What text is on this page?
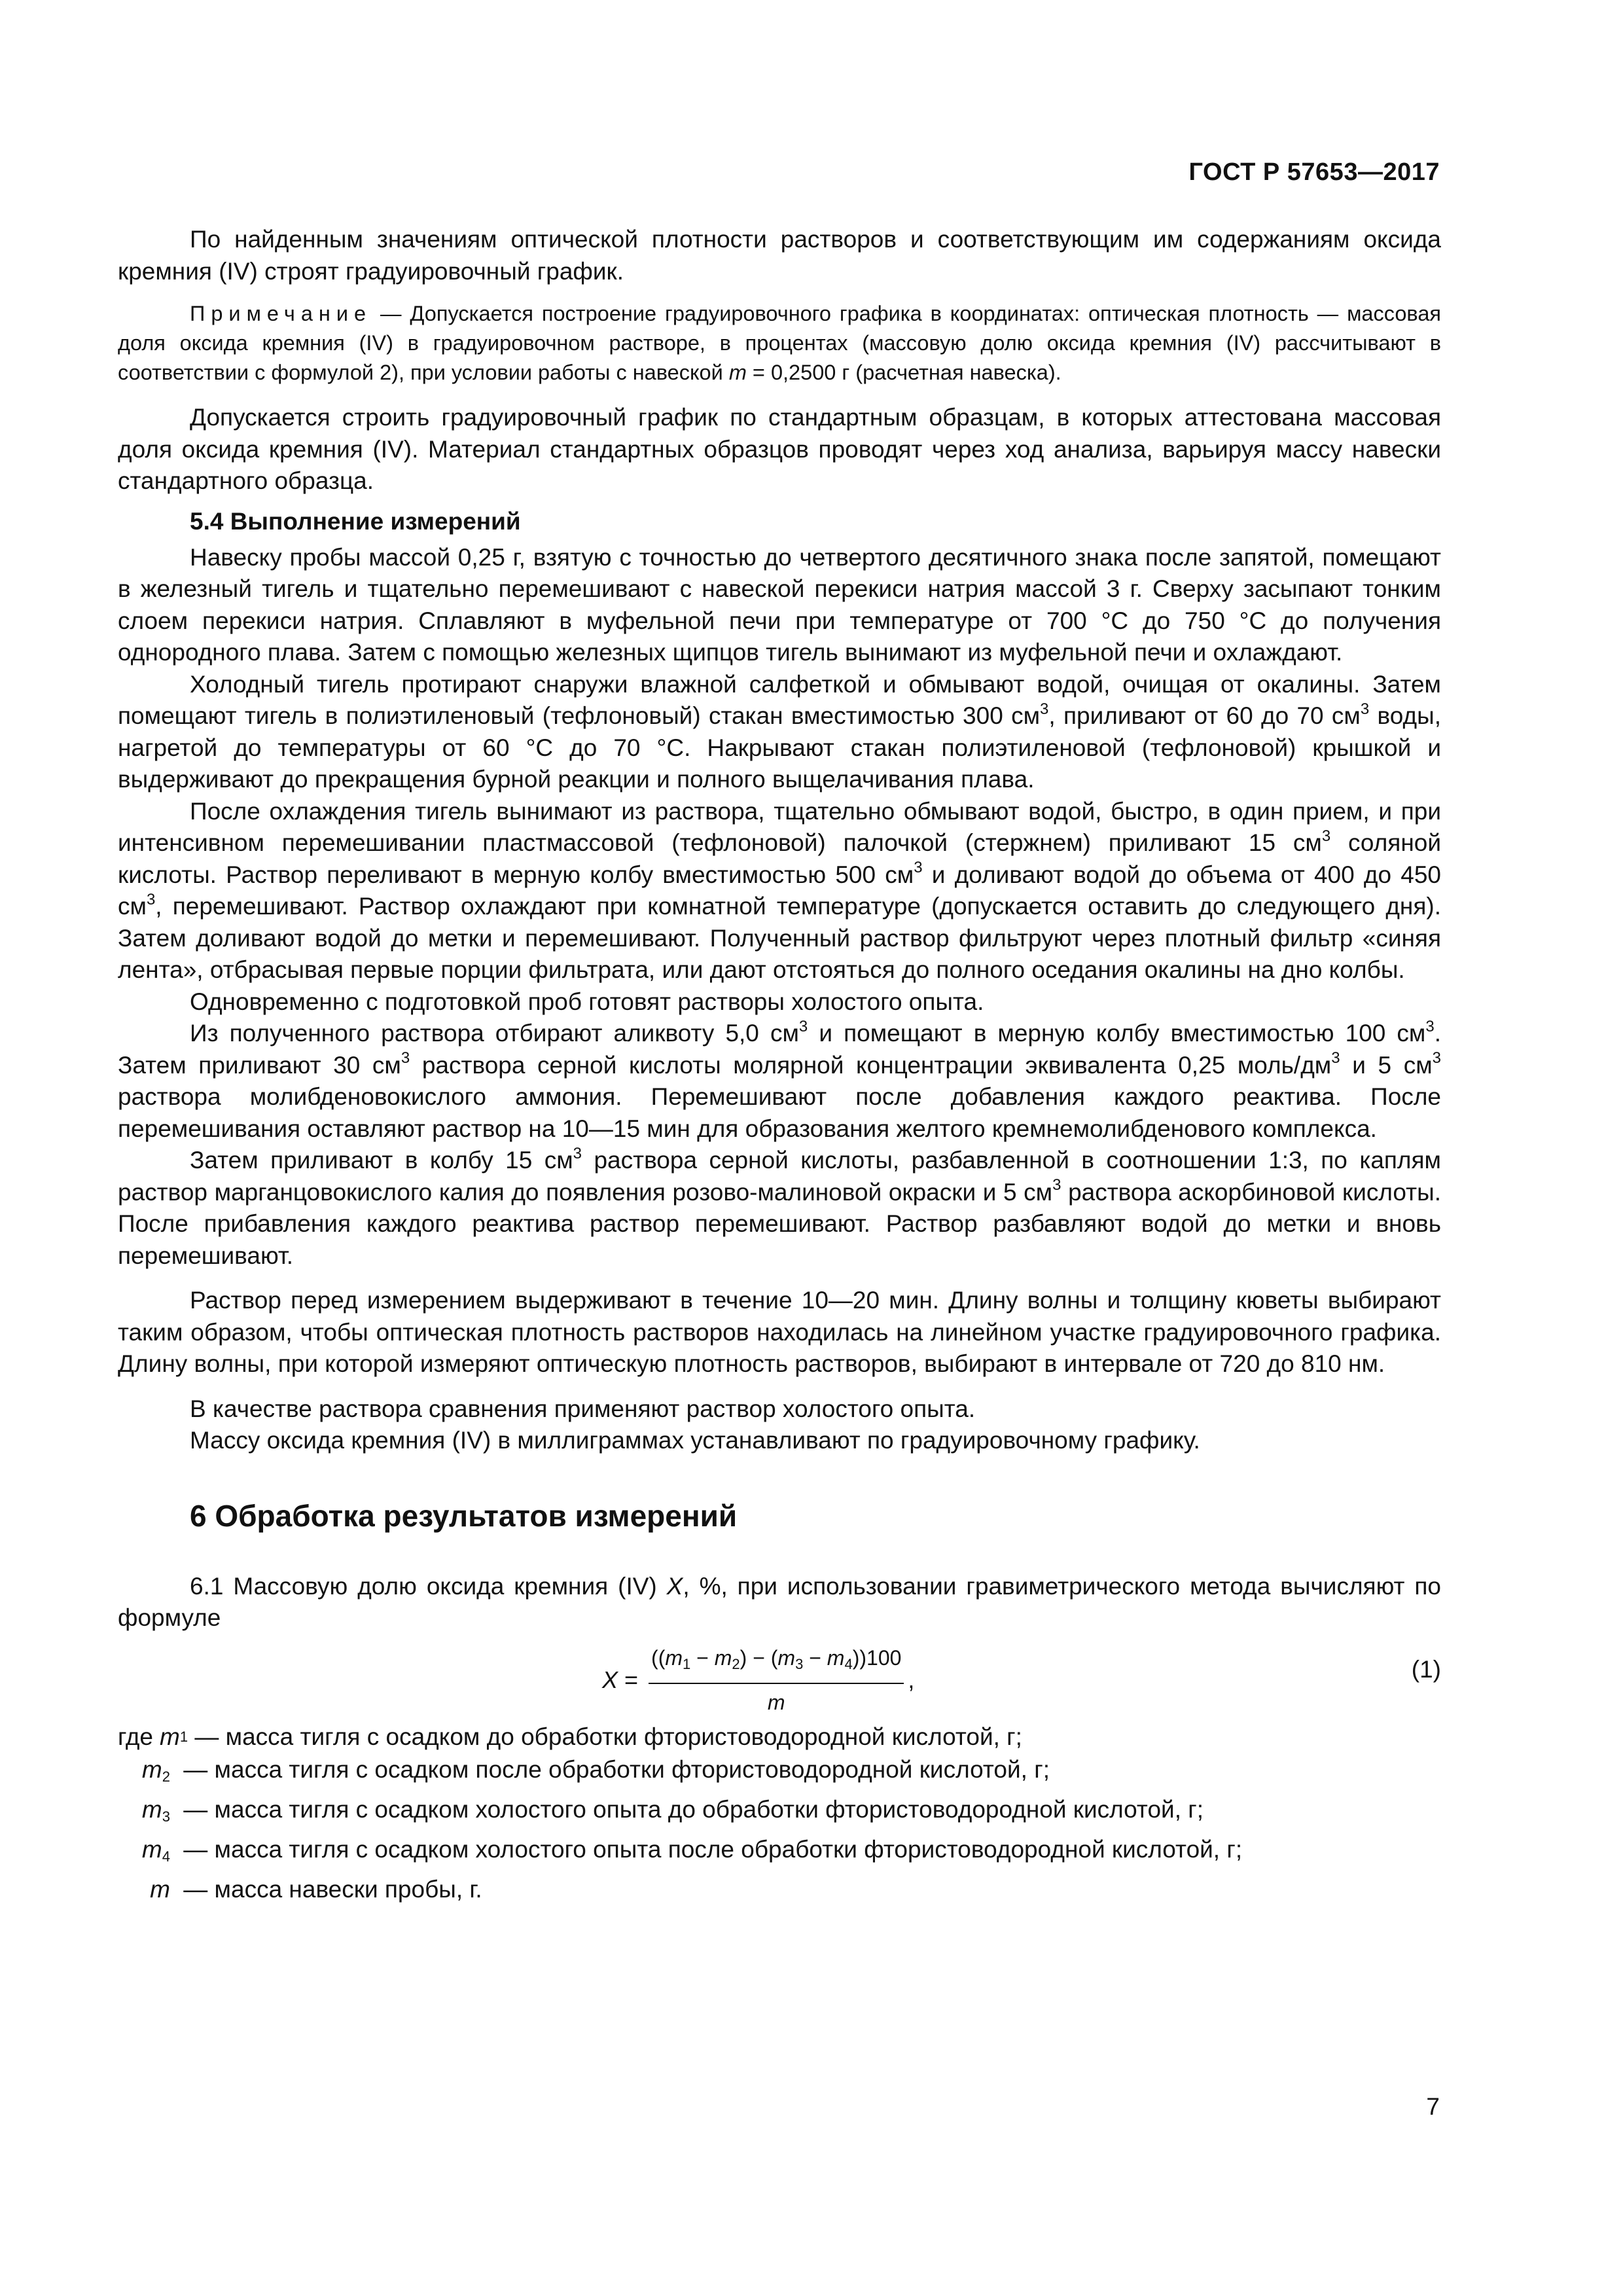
ГОСТ Р 57653—2017

По найденным значениям оптической плотности растворов и соответствующим им содержаниям оксида кремния (IV) строят градуировочный график.

Примечание — Допускается построение градуировочного графика в координатах: оптическая плотность — массовая доля оксида кремния (IV) в градуировочном растворе, в процентах (массовую долю оксида кремния (IV) рассчитывают в соответствии с формулой 2), при условии работы с навеской m = 0,2500 г (расчетная навеска).

Допускается строить градуировочный график по стандартным образцам, в которых аттестована массовая доля оксида кремния (IV). Материал стандартных образцов проводят через ход анализа, варьируя массу навески стандартного образца.

5.4 Выполнение измерений

Навеску пробы массой 0,25 г, взятую с точностью до четвертого десятичного знака после запятой, помещают в железный тигель и тщательно перемешивают с навеской перекиси натрия массой 3 г. Сверху засыпают тонким слоем перекиси натрия. Сплавляют в муфельной печи при температуре от 700 °С до 750 °С до получения однородного плава. Затем с помощью железных щипцов тигель вынимают из муфельной печи и охлаждают.

Холодный тигель протирают снаружи влажной салфеткой и обмывают водой, очищая от окалины. Затем помещают тигель в полиэтиленовый (тефлоновый) стакан вместимостью 300 $см^3$, приливают от 60 до 70 $см^3$ воды, нагретой до температуры от 60 °С до 70 °С. Накрывают стакан полиэтиленовой (тефлоновой) крышкой и выдерживают до прекращения бурной реакции и полного выщелачивания плава.

После охлаждения тигель вынимают из раствора, тщательно обмывают водой, быстро, в один прием, и при интенсивном перемешивании пластмассовой (тефлоновой) палочкой (стержнем) приливают 15 $см^3$ соляной кислоты. Раствор переливают в мерную колбу вместимостью 500 $см^3$ и доливают водой до объема от 400 до 450 $см^3$, перемешивают. Раствор охлаждают при комнатной температуре (допускается оставить до следующего дня). Затем доливают водой до метки и перемешивают. Полученный раствор фильтруют через плотный фильтр «синяя лента», отбрасывая первые порции фильтрата, или дают отстояться до полного оседания окалины на дно колбы.

Одновременно с подготовкой проб готовят растворы холостого опыта.

Из полученного раствора отбирают аликвоту 5,0 $см^3$ и помещают в мерную колбу вместимостью 100 $см^3$. Затем приливают 30 $см^3$ раствора серной кислоты молярной концентрации эквивалента 0,25 моль/$дм^3$ и 5 $см^3$ раствора молибденовокислого аммония. Перемешивают после добавления каждого реактива. После перемешивания оставляют раствор на 10—15 мин для образования желтого кремнемолибденового комплекса.

Затем приливают в колбу 15 $см^3$ раствора серной кислоты, разбавленной в соотношении 1:3, по каплям раствор марганцовокислого калия до появления розово-малиновой окраски и 5 $см^3$ раствора аскорбиновой кислоты. После прибавления каждого реактива раствор перемешивают. Раствор разбавляют водой до метки и вновь перемешивают.

Раствор перед измерением выдерживают в течение 10—20 мин. Длину волны и толщину кюветы выбирают таким образом, чтобы оптическая плотность растворов находилась на линейном участке градуировочного графика. Длину волны, при которой измеряют оптическую плотность растворов, выбирают в интервале от 720 до 810 нм.

В качестве раствора сравнения применяют раствор холостого опыта.

Массу оксида кремния (IV) в миллиграммах устанавливают по градуировочному графику.

6 Обработка результатов измерений

6.1 Массовую долю оксида кремния (IV) X, %, при использовании гравиметрического метода вычисляют по формуле

$X = \frac{((m_1 - m_2) - (m_3 - m_4))100}{m}$ ,	(1)
где m 1 — масса тигля с осадком до обработки фтористоводородной кислотой, г;
$m_2$ — масса тигля с осадком после обработки фтористоводородной кислотой, г;
$m_3$ — масса тигля с осадком холостого опыта до обработки фтористоводородной кислотой, г;
$m_4$ — масса тигля с осадком холостого опыта после обработки фтористоводородной кислотой, г;
m — масса навески пробы, г.
7
